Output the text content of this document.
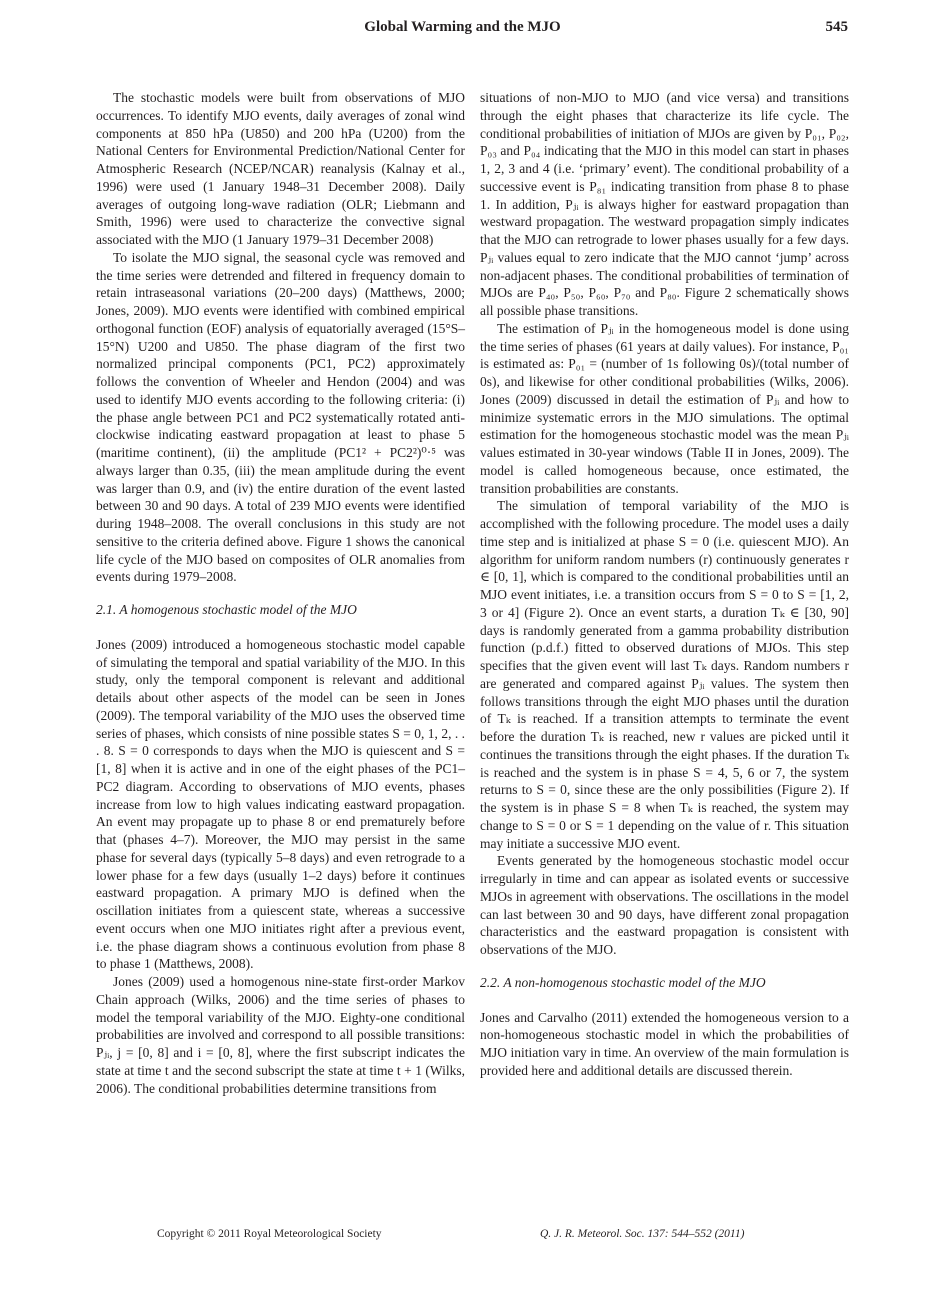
Global Warming and the MJO	545

The stochastic models were built from observations of MJO occurrences. To identify MJO events, daily averages of zonal wind components at 850 hPa (U850) and 200 hPa (U200) from the National Centers for Environmental Prediction/National Center for Atmospheric Research (NCEP/NCAR) reanalysis (Kalnay et al., 1996) were used (1 January 1948–31 December 2008). Daily averages of outgoing long-wave radiation (OLR; Liebmann and Smith, 1996) were used to characterize the convective signal associated with the MJO (1 January 1979–31 December 2008)

To isolate the MJO signal, the seasonal cycle was removed and the time series were detrended and filtered in frequency domain to retain intraseasonal variations (20–200 days) (Matthews, 2000; Jones, 2009). MJO events were identified with combined empirical orthogonal function (EOF) analysis of equatorially averaged (15°S–15°N) U200 and U850. The phase diagram of the first two normalized principal components (PC1, PC2) approximately follows the convention of Wheeler and Hendon (2004) and was used to identify MJO events according to the following criteria: (i) the phase angle between PC1 and PC2 systematically rotated anti-clockwise indicating eastward propagation at least to phase 5 (maritime continent), (ii) the amplitude (PC1² + PC2²)⁰·⁵ was always larger than 0.35, (iii) the mean amplitude during the event was larger than 0.9, and (iv) the entire duration of the event lasted between 30 and 90 days. A total of 239 MJO events were identified during 1948–2008. The overall conclusions in this study are not sensitive to the criteria defined above. Figure 1 shows the canonical life cycle of the MJO based on composites of OLR anomalies from events during 1979–2008.

2.1. A homogenous stochastic model of the MJO

Jones (2009) introduced a homogeneous stochastic model capable of simulating the temporal and spatial variability of the MJO. In this study, only the temporal component is relevant and additional details about other aspects of the model can be seen in Jones (2009). The temporal variability of the MJO uses the observed time series of phases, which consists of nine possible states S = 0, 1, 2, . . . 8. S = 0 corresponds to days when the MJO is quiescent and S = [1, 8] when it is active and in one of the eight phases of the PC1–PC2 diagram. According to observations of MJO events, phases increase from low to high values indicating eastward propagation. An event may propagate up to phase 8 or end prematurely before that (phases 4–7). Moreover, the MJO may persist in the same phase for several days (typically 5–8 days) and even retrograde to a lower phase for a few days (usually 1–2 days) before it continues eastward propagation. A primary MJO is defined when the oscillation initiates from a quiescent state, whereas a successive event occurs when one MJO initiates right after a previous event, i.e. the phase diagram shows a continuous evolution from phase 8 to phase 1 (Matthews, 2008).

Jones (2009) used a homogenous nine-state first-order Markov Chain approach (Wilks, 2006) and the time series of phases to model the temporal variability of the MJO. Eighty-one conditional probabilities are involved and correspond to all possible transitions: Pⱼᵢ, j = [0, 8] and i = [0, 8], where the first subscript indicates the state at time t and the second subscript the state at time t + 1 (Wilks, 2006). The conditional probabilities determine transitions from

situations of non-MJO to MJO (and vice versa) and transitions through the eight phases that characterize its life cycle. The conditional probabilities of initiation of MJOs are given by P₀₁, P₀₂, P₀₃ and P₀₄ indicating that the MJO in this model can start in phases 1, 2, 3 and 4 (i.e. ‘primary’ event). The conditional probability of a successive event is P₈₁ indicating transition from phase 8 to phase 1. In addition, Pⱼᵢ is always higher for eastward propagation than westward propagation. The westward propagation simply indicates that the MJO can retrograde to lower phases usually for a few days. Pⱼᵢ values equal to zero indicate that the MJO cannot ‘jump’ across non-adjacent phases. The conditional probabilities of termination of MJOs are P₄₀, P₅₀, P₆₀, P₇₀ and P₈₀. Figure 2 schematically shows all possible phase transitions.

The estimation of Pⱼᵢ in the homogeneous model is done using the time series of phases (61 years at daily values). For instance, P₀₁ is estimated as: P₀₁ = (number of 1s following 0s)/(total number of 0s), and likewise for other conditional probabilities (Wilks, 2006). Jones (2009) discussed in detail the estimation of Pⱼᵢ and how to minimize systematic errors in the MJO simulations. The optimal estimation for the homogeneous stochastic model was the mean Pⱼᵢ values estimated in 30-year windows (Table II in Jones, 2009). The model is called homogeneous because, once estimated, the transition probabilities are constants.

The simulation of temporal variability of the MJO is accomplished with the following procedure. The model uses a daily time step and is initialized at phase S = 0 (i.e. quiescent MJO). An algorithm for uniform random numbers (r) continuously generates r ∈ [0, 1], which is compared to the conditional probabilities until an MJO event initiates, i.e. a transition occurs from S = 0 to S = [1, 2, 3 or 4] (Figure 2). Once an event starts, a duration Tₖ ∈ [30, 90] days is randomly generated from a gamma probability distribution function (p.d.f.) fitted to observed durations of MJOs. This step specifies that the given event will last Tₖ days. Random numbers r are generated and compared against Pⱼᵢ values. The system then follows transitions through the eight MJO phases until the duration of Tₖ is reached. If a transition attempts to terminate the event before the duration Tₖ is reached, new r values are picked until it continues the transitions through the eight phases. If the duration Tₖ is reached and the system is in phase S = 4, 5, 6 or 7, the system returns to S = 0, since these are the only possibilities (Figure 2). If the system is in phase S = 8 when Tₖ is reached, the system may change to S = 0 or S = 1 depending on the value of r. This situation may initiate a successive MJO event.

Events generated by the homogeneous stochastic model occur irregularly in time and can appear as isolated events or successive MJOs in agreement with observations. The oscillations in the model can last between 30 and 90 days, have different zonal propagation characteristics and the eastward propagation is consistent with observations of the MJO.

2.2. A non-homogenous stochastic model of the MJO

Jones and Carvalho (2011) extended the homogeneous version to a non-homogeneous stochastic model in which the probabilities of MJO initiation vary in time. An overview of the main formulation is provided here and additional details are discussed therein.

Copyright © 2011 Royal Meteorological Society	Q. J. R. Meteorol. Soc. 137: 544–552 (2011)
